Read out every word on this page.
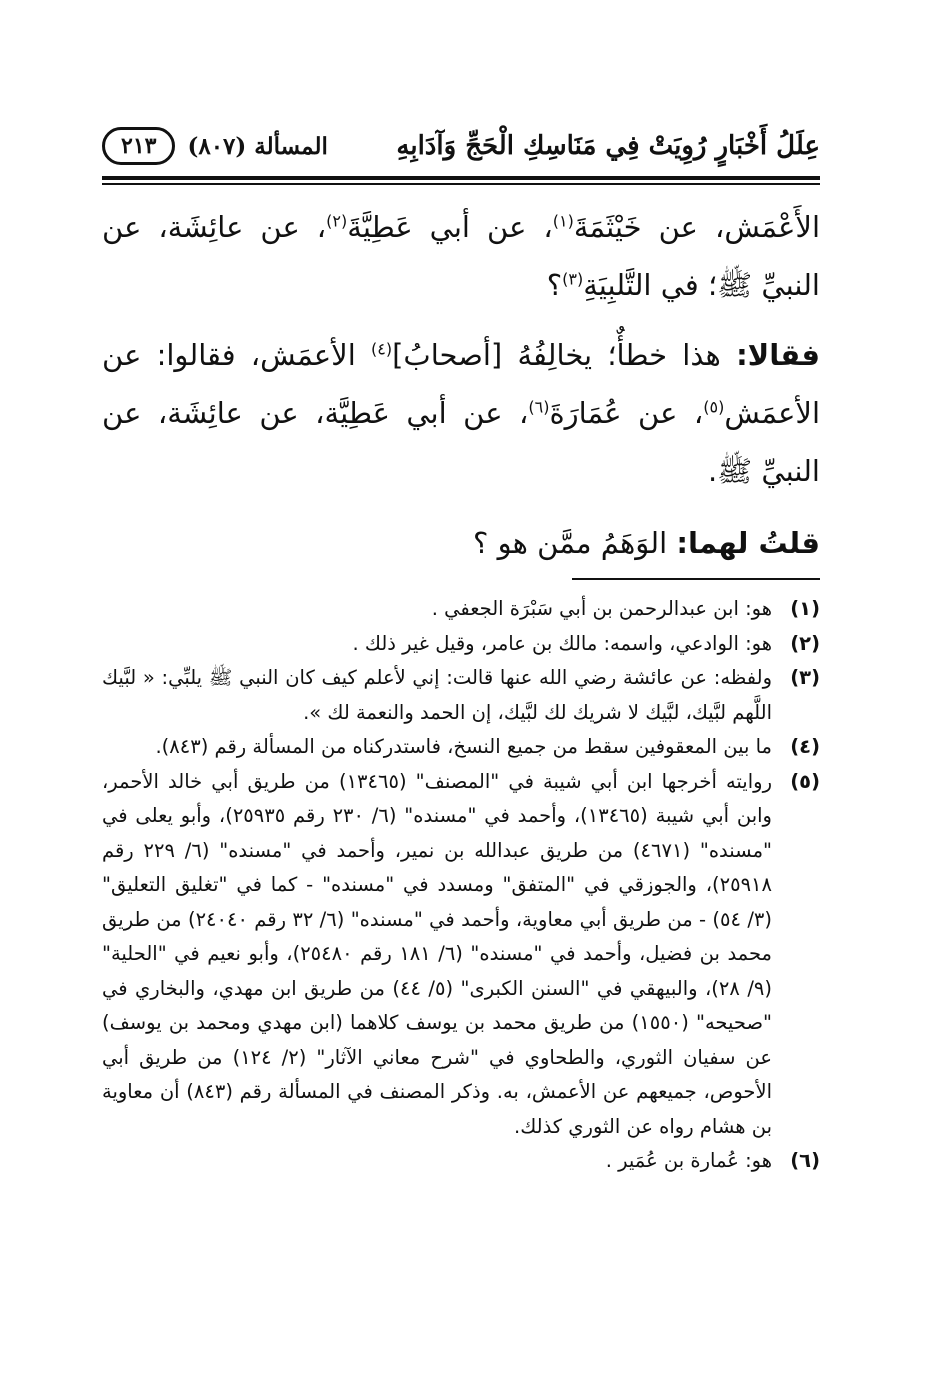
عِلَلُ أَخْبَارٍ رُوِيَتْ فِي مَنَاسِكِ الْحَجِّ وَآدَابِهِ
المسألة (٨٠٧)
٢١٣

الأَعْمَش، عن خَيْثَمَةَ$^{(١)}$، عن أبي عَطِيَّةَ$^{(٢)}$، عن عائِشَة، عن النبيِّ ﷺ؛ في التَّلبِيَةِ$^{(٣)}$؟

فقالا: هذا خطأٌ؛ يخالِفُهُ [أصحابُ]$^{(٤)}$ الأعمَش، فقالوا: عن الأعمَش$^{(٥)}$، عن عُمَارَةَ$^{(٦)}$، عن أبي عَطِيَّة، عن عائِشَة، عن النبيِّ ﷺ.

قلتُ لهما: الوَهَمُ ممَّن هو ؟

(١)
هو: ابن عبدالرحمن بن أبي سَبْرَة الجعفي .
(٢)
هو: الوادعي، واسمه: مالك بن عامر، وقيل غير ذلك .
(٣)
ولفظه: عن عائشة رضي الله عنها قالت: إني لأعلم كيف كان النبي ﷺ يلبِّي: « لبَّيك اللَّهم لبَّيك، لبَّيك لا شريك لك لبَّيك، إن الحمد والنعمة لك ».
(٤)
ما بين المعقوفين سقط من جميع النسخ، فاستدركناه من المسألة رقم (٨٤٣).
(٥)
روايته أخرجها ابن أبي شيبة في "المصنف" (١٣٤٦٥) من طريق أبي خالد الأحمر، وابن أبي شيبة (١٣٤٦٥)، وأحمد في "مسنده" (٦/ ٢٣٠ رقم ٢٥٩٣٥)، وأبو يعلى في "مسنده" (٤٦٧١) من طريق عبدالله بن نمير، وأحمد في "مسنده" (٦/ ٢٢٩ رقم ٢٥٩١٨)، والجوزقي في "المتفق" ومسدد في "مسنده" - كما في "تغليق التعليق" (٣/ ٥٤) - من طريق أبي معاوية، وأحمد في "مسنده" (٦/ ٣٢ رقم ٢٤٠٤٠) من طريق محمد بن فضيل، وأحمد في "مسنده" (٦/ ١٨١ رقم ٢٥٤٨٠)، وأبو نعيم في "الحلية" (٩/ ٢٨)، والبيهقي في "السنن الكبرى" (٥/ ٤٤) من طريق ابن مهدي، والبخاري في "صحيحه" (١٥٥٠) من طريق محمد بن يوسف كلاهما (ابن مهدي ومحمد بن يوسف) عن سفيان الثوري، والطحاوي في "شرح معاني الآثار" (٢/ ١٢٤) من طريق أبي الأحوص، جميعهم عن الأعمش، به. وذكر المصنف في المسألة رقم (٨٤٣) أن معاوية بن هشام رواه عن الثوري كذلك.
(٦)
هو: عُمارة بن عُمَير .
